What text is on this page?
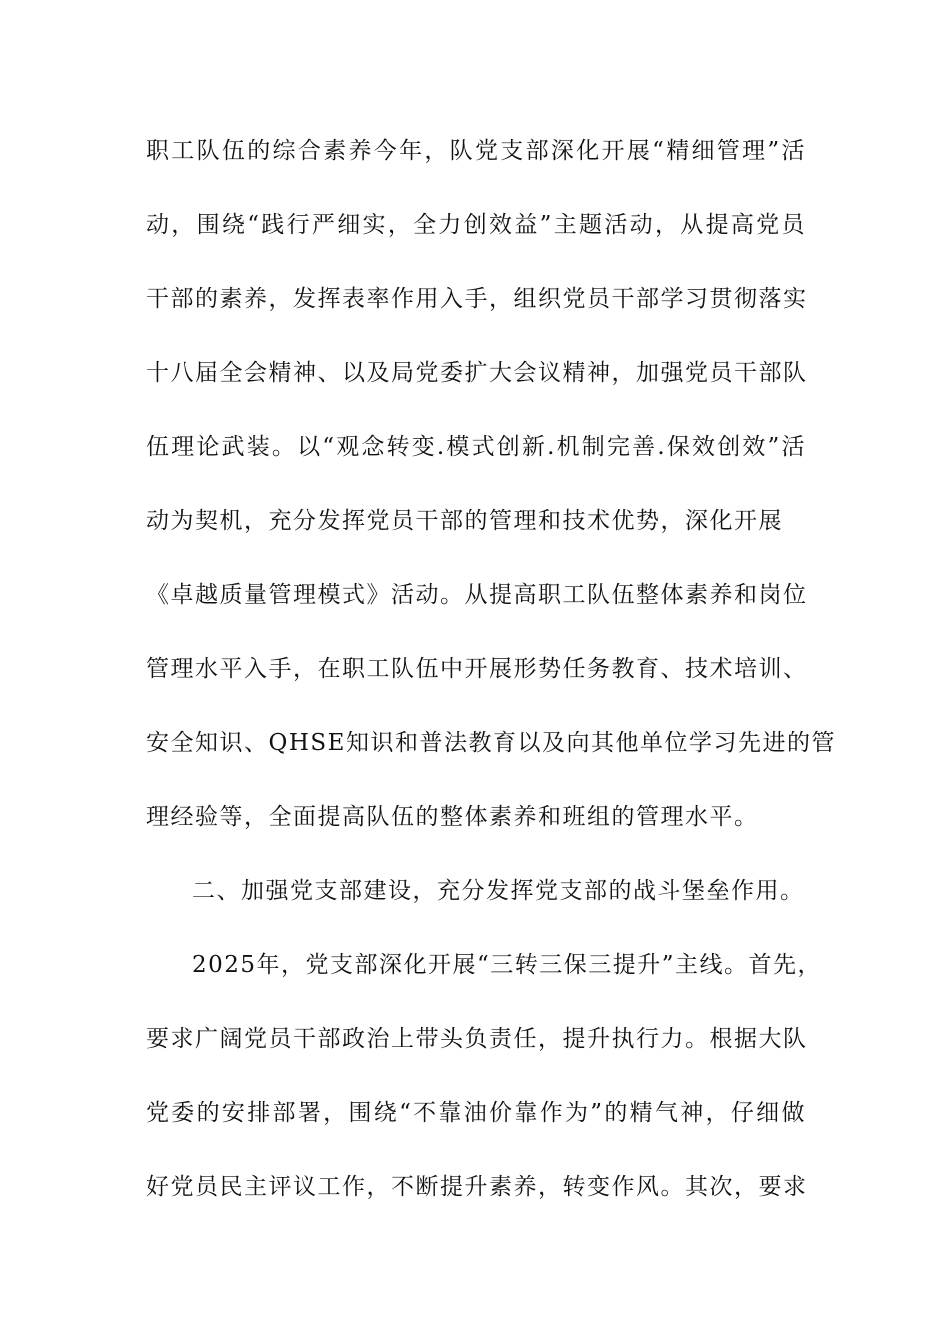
职工队伍的综合素养今年，队党支部深化开展“精细管理”活
动，围绕“践行严细实，全力创效益”主题活动，从提高党员
干部的素养，发挥表率作用入手，组织党员干部学习贯彻落实
十八届全会精神、以及局党委扩大会议精神，加强党员干部队
伍理论武装。以“观念转变.模式创新.机制完善.保效创效”活
动为契机，充分发挥党员干部的管理和技术优势，深化开展
《卓越质量管理模式》活动。从提高职工队伍整体素养和岗位
管理水平入手，在职工队伍中开展形势任务教育、技术培训、
安全知识、QHSE知识和普法教育以及向其他单位学习先进的管
理经验等，全面提高队伍的整体素养和班组的管理水平。
二、加强党支部建设，充分发挥党支部的战斗堡垒作用。
2025年，党支部深化开展“三转三保三提升”主线。首先，
要求广阔党员干部政治上带头负责任，提升执行力。根据大队
党委的安排部署，围绕“不靠油价靠作为”的精气神，仔细做
好党员民主评议工作，不断提升素养，转变作风。其次，要求
